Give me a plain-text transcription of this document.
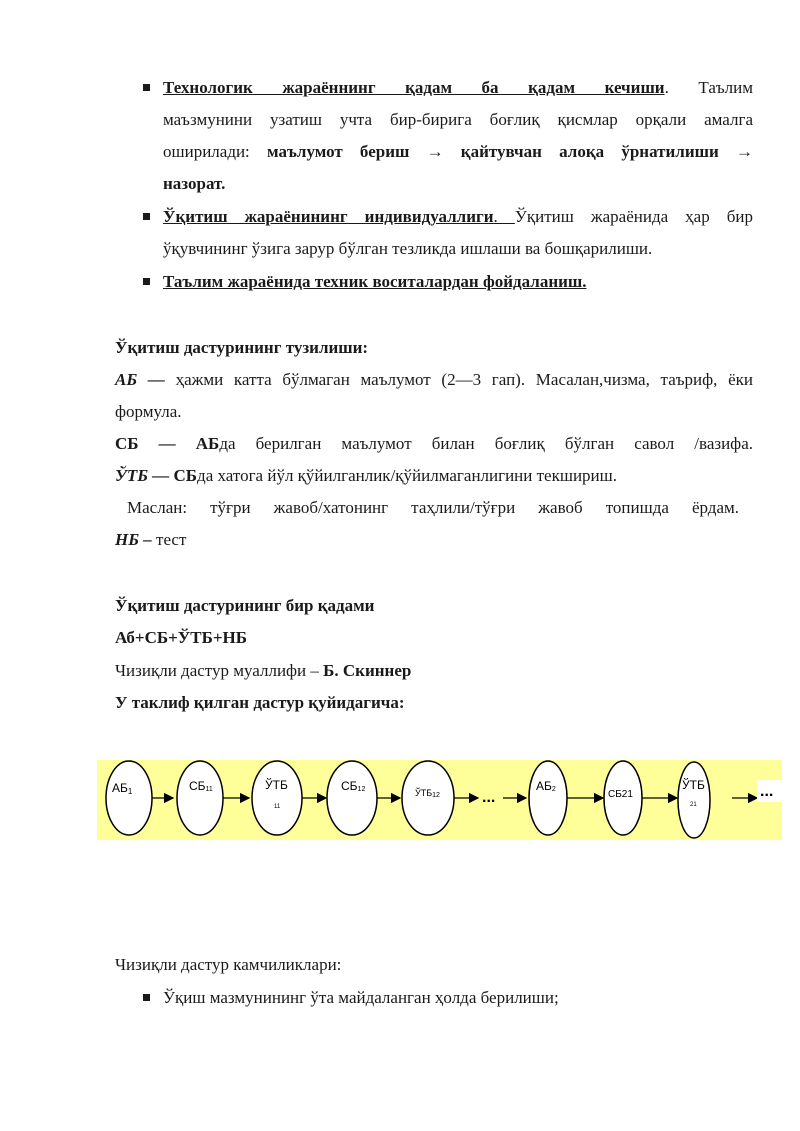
Технологик жараённинг қадам ба қадам кечиши. Таълим
маъзмунини узатиш учта бир-бирига боғлиқ қисмлар орқали амалга
оширилади: маълумот бериш → қайтувчан алоқа ўрнатилиши →
назорат.
Ўқитиш жараёнининг индивидуаллиги. Ўқитиш жараёнида ҳар бир
ўқувчининг ўзига зарур бўлган тезликда ишлаши ва бошқарилиши.
Таълим жараёнида техник воситалардан фойдаланиш.
Ўқитиш дастурининг тузилиши:
АБ — ҳажми катта бўлмаган маълумот (2—3 гап). Масалан,чизма, таъриф, ёки
формула.
СБ — АБда берилган маълумот билан боғлиқ бўлган савол /вазифа.
ЎТБ — СБда хатога йўл қўйилганлик/қўйилмаганлигини текшириш.
Маслан: тўғри жавоб/хатонинг таҳлили/тўғри жавоб топишда ёрдам.
НБ – тест
Ўқитиш дастурининг бир қадами
Аб+СБ+ЎТБ+НБ
Чизиқли дастур муаллифи – Б. Скиннер
У таклиф қилган дастур қуйидагича:
АБ1	СБ11	ЎТБ
11
СБ12	ЎТБ12	...
АБ2	СБ21
ЎТБ
21
...
Чизиқли дастур камчиликлари:
Ўқиш мазмунининг ўта майдаланган ҳолда берилиши;
